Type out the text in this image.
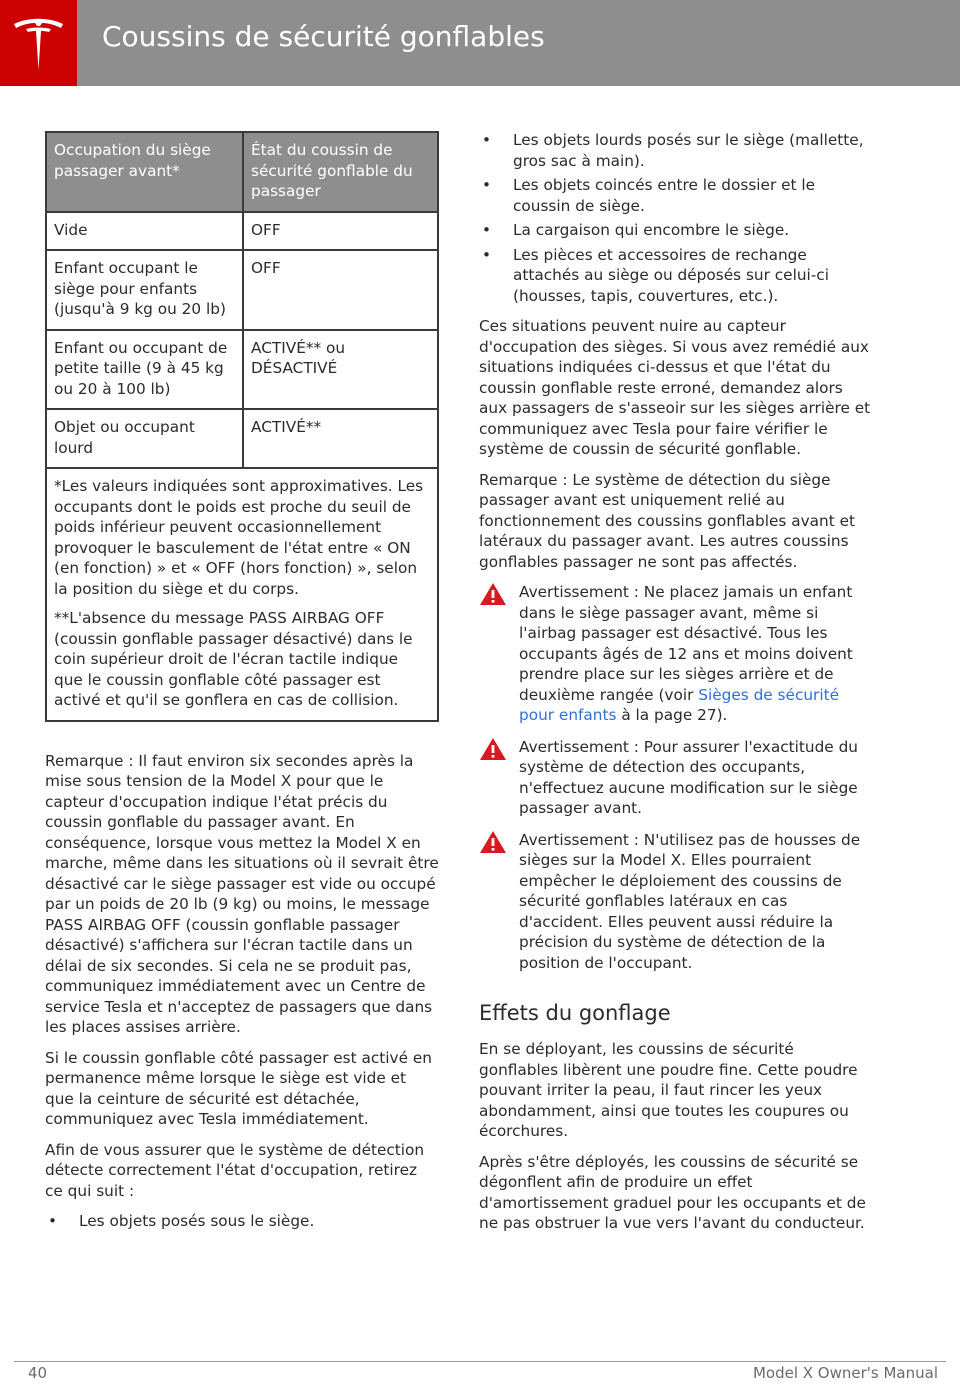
Coussins de sécurité gonflables
Occupation du siège passager avant*	État du coussin de sécurité gonflable du passager
Vide	OFF
Enfant occupant le siège pour enfants (jusqu'à 9 kg ou 20 lb)	OFF
Enfant ou occupant de petite taille (9 à 45 kg ou 20 à 100 lb)	ACTIVÉ** ou DÉSACTIVÉ
Objet ou occupant lourd	ACTIVÉ**

*Les valeurs indiquées sont approximatives. Les occupants dont le poids est proche du seuil de poids inférieur peuvent occasionnellement provoquer le basculement de l'état entre « ON (en fonction) » et « OFF (hors fonction) », selon la position du siège et du corps.

**L'absence du message PASS AIRBAG OFF (coussin gonflable passager désactivé) dans le coin supérieur droit de l'écran tactile indique que le coussin gonflable côté passager est activé et qu'il se gonflera en cas de collision.	

Remarque : Il faut environ six secondes après la mise sous tension de la Model X pour que le capteur d'occupation indique l'état précis du coussin gonflable du passager avant. En conséquence, lorsque vous mettez la Model X en marche, même dans les situations où il sevrait être désactivé car le siège passager est vide ou occupé par un poids de 20 lb (9 kg) ou moins, le message PASS AIRBAG OFF (coussin gonflable passager désactivé) s'affichera sur l'écran tactile dans un délai de six secondes. Si cela ne se produit pas, communiquez immédiatement avec un Centre de service Tesla et n'acceptez de passagers que dans les places assises arrière.

Si le coussin gonflable côté passager est activé en permanence même lorsque le siège est vide et que la ceinture de sécurité est détachée, communiquez avec Tesla immédiatement.

Afin de vous assurer que le système de détection détecte correctement l'état d'occupation, retirez ce qui suit :

• Les objets posés sous le siège.
• Les objets lourds posés sur le siège (mallette, gros sac à main).
• Les objets coincés entre le dossier et le coussin de siège.
• La cargaison qui encombre le siège.
• Les pièces et accessoires de rechange attachés au siège ou déposés sur celui-ci (housses, tapis, couvertures, etc.).

Ces situations peuvent nuire au capteur d'occupation des sièges. Si vous avez remédié aux situations indiquées ci-dessus et que l'état du coussin gonflable reste erroné, demandez alors aux passagers de s'asseoir sur les sièges arrière et communiquez avec Tesla pour faire vérifier le système de coussin de sécurité gonflable.

Remarque : Le système de détection du siège passager avant est uniquement relié au fonctionnement des coussins gonflables avant et latéraux du passager avant. Les autres coussins gonflables passager ne sont pas affectés.

Avertissement : Ne placez jamais un enfant dans le siège passager avant, même si l'airbag passager est désactivé. Tous les occupants âgés de 12 ans et moins doivent prendre place sur les sièges arrière et de deuxième rangée (voir Sièges de sécurité pour enfants à la page 27).
Avertissement : Pour assurer l'exactitude du système de détection des occupants, n'effectuez aucune modification sur le siège passager avant.
Avertissement : N'utilisez pas de housses de sièges sur la Model X. Elles pourraient empêcher le déploiement des coussins de sécurité gonflables latéraux en cas d'accident. Elles peuvent aussi réduire la précision du système de détection de la position de l'occupant.
Effets du gonflage

En se déployant, les coussins de sécurité gonflables libèrent une poudre fine. Cette poudre pouvant irriter la peau, il faut rincer les yeux abondamment, ainsi que toutes les coupures ou écorchures.

Après s'être déployés, les coussins de sécurité se dégonflent afin de produire un effet d'amortissement graduel pour les occupants et de ne pas obstruer la vue vers l'avant du conducteur.

40	Model X Owner's Manual
